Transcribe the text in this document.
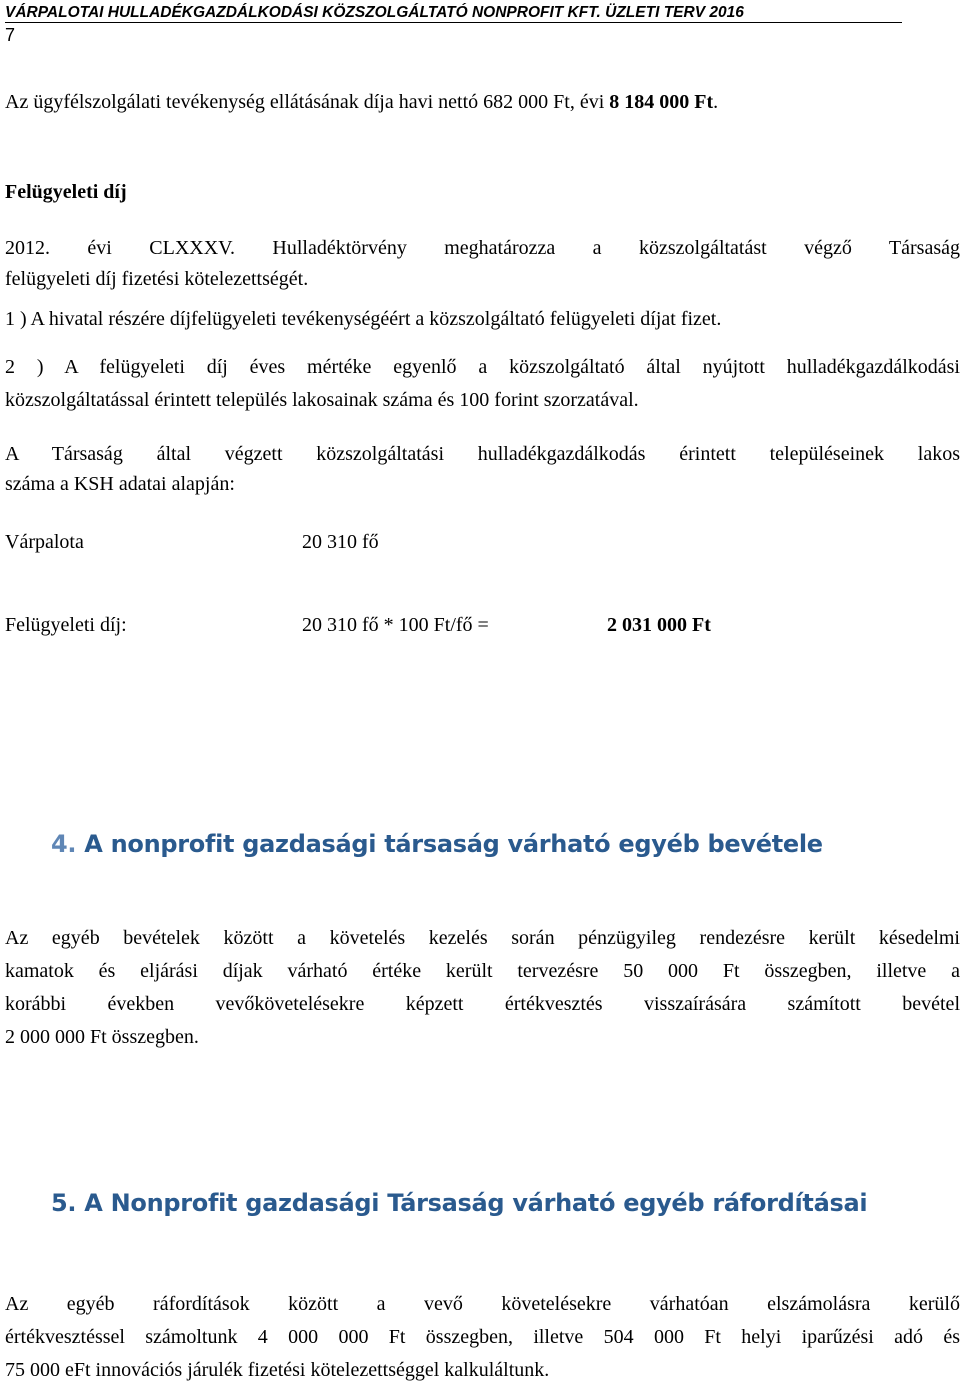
VÁRPALOTAI HULLADÉKGAZDÁLKODÁSI KÖZSZOLGÁLTATÓ NONPROFIT KFT. ÜZLETI TERV 2016
7

Az ügyfélszolgálati tevékenység ellátásának díja havi nettó 682 000 Ft, évi 8 184 000 Ft.

Felügyeleti díj

2012. évi CLXXXV. Hulladéktörvény meghatározza a közszolgáltatást végző Társaság

felügyeleti díj fizetési kötelezettségét.

1 ) A hivatal részére díjfelügyeleti tevékenységéért a közszolgáltató felügyeleti díjat fizet.

2 ) A felügyeleti díj éves mértéke egyenlő a közszolgáltató által nyújtott hulladékgazdálkodási

közszolgáltatással érintett település lakosainak száma és 100 forint szorzatával.

A Társaság által végzett közszolgáltatási hulladékgazdálkodás érintett településeinek lakos

száma a KSH adatai alapján:

Várpalota	20 310 fő

Felügyeleti díj:	20 310 fő * 100 Ft/fő =	2 031 000 Ft

4. A nonprofit gazdasági társaság várható egyéb bevétele

Az egyéb bevételek között a követelés kezelés során pénzügyileg rendezésre került késedelmi

kamatok és eljárási díjak várható értéke került tervezésre 50 000 Ft összegben, illetve a

korábbi években vevőkövetelésekre képzett értékvesztés visszaírására számított bevétel

2 000 000 Ft összegben.

5. A Nonprofit gazdasági Társaság várható egyéb ráfordításai

Az egyéb ráfordítások között a vevő követelésekre várhatóan elszámolásra kerülő

értékvesztéssel számoltunk 4 000 000 Ft összegben, illetve 504 000 Ft helyi iparűzési adó és

75 000 eFt innovációs járulék fizetési kötelezettséggel kalkuláltunk.
